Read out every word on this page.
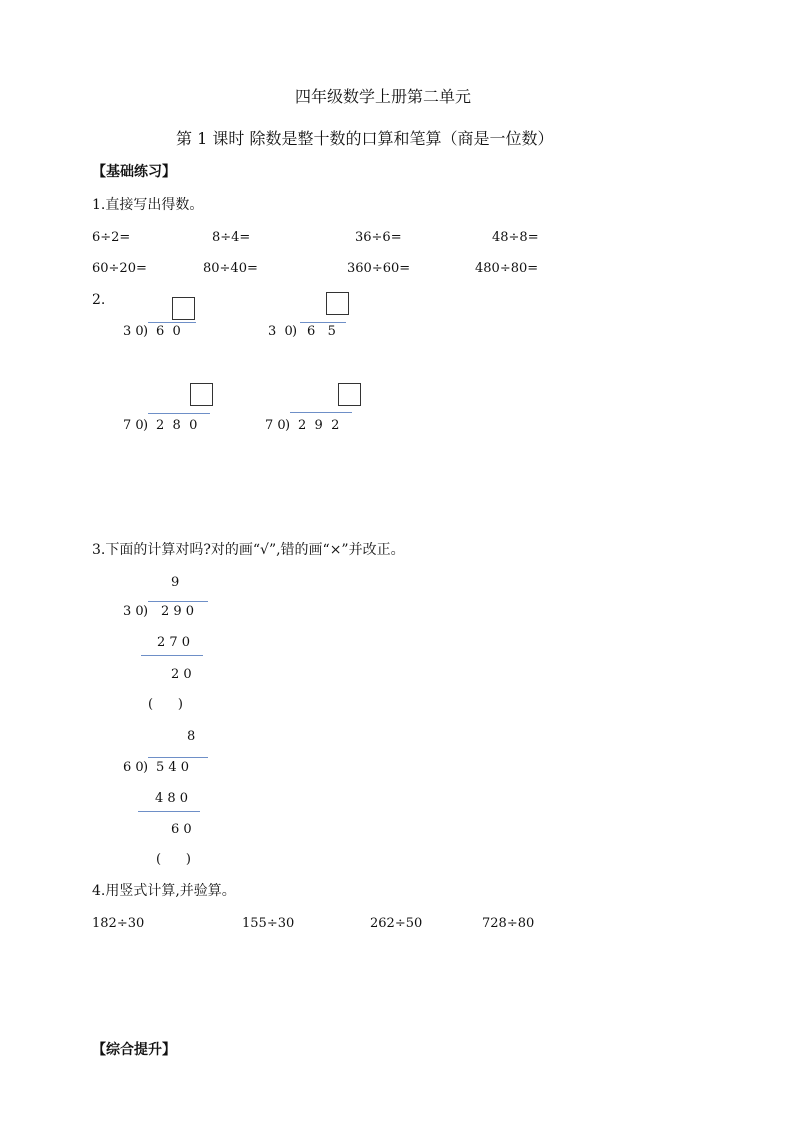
四年级数学上册第二单元
第 1 课时 除数是整十数的口算和笔算（商是一位数）
【基础练习】
1.直接写出得数。
6÷2=	8÷4=	36÷6=	48÷8=
60÷20=	80÷40=	360÷60=	480÷80=
2.
3 0 ) 6  0	3  0 ) 6   5
7 0 ) 2  8  0	7 0 ) 2  9  2
3.下面的计算对吗?对的画“√”,错的画“×”并改正。
9
3 0 ) 2 9 0
2 7 0
2 0
(      )
8
6 0 ) 5 4 0
4 8 0
6 0
(      )
4.用竖式计算,并验算。
182÷30	155÷30	262÷50	728÷80
【综合提升】
